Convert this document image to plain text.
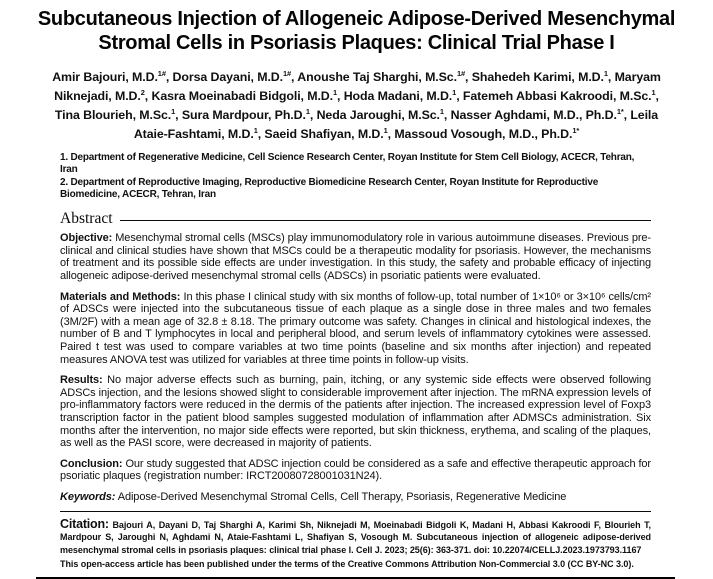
Subcutaneous Injection of Allogeneic Adipose-Derived Mesenchymal
Stromal Cells in Psoriasis Plaques: Clinical Trial Phase I

Amir Bajouri, M.D.$^{1\#}$, Dorsa Dayani, M.D.$^{1\#}$, Anoushe Taj Sharghi, M.Sc.$^{1\#}$, Shahedeh Karimi, M.D.$^1$, Maryam Niknejadi, M.D.$^2$, Kasra Moeinabadi Bidgoli, M.D.$^1$, Hoda Madani, M.D.$^1$, Fatemeh Abbasi Kakroodi, M.Sc.$^1$, Tina Blourieh, M.Sc.$^1$, Sura Mardpour, Ph.D.$^1$, Neda Jaroughi, M.Sc.$^1$, Nasser Aghdami, M.D., Ph.D.$^{1*}$, Leila Ataie-Fashtami, M.D.$^1$, Saeid Shafiyan, M.D.$^1$, Massoud Vosough, M.D., Ph.D.$^{1*}$

1. Department of Regenerative Medicine, Cell Science Research Center, Royan Institute for Stem Cell Biology, ACECR, Tehran, Iran
2. Department of Reproductive Imaging, Reproductive Biomedicine Research Center, Royan Institute for Reproductive Biomedicine, ACECR, Tehran, Iran
Abstract

Objective: Mesenchymal stromal cells (MSCs) play immunomodulatory role in various autoimmune diseases. Previous pre-clinical and clinical studies have shown that MSCs could be a therapeutic modality for psoriasis. However, the mechanisms of treatment and its possible side effects are under investigation. In this study, the safety and probable efficacy of injecting allogeneic adipose-derived mesenchymal stromal cells (ADSCs) in psoriatic patients were evaluated.

Materials and Methods: In this phase I clinical study with six months of follow-up, total number of 1×10⁶ or 3×10⁶ cells/cm² of ADSCs were injected into the subcutaneous tissue of each plaque as a single dose in three males and two females (3M/2F) with a mean age of 32.8 ± 8.18. The primary outcome was safety. Changes in clinical and histological indexes, the number of B and T lymphocytes in local and peripheral blood, and serum levels of inflammatory cytokines were assessed. Paired t test was used to compare variables at two time points (baseline and six months after injection) and repeated measures ANOVA test was utilized for variables at three time points in follow-up visits.

Results: No major adverse effects such as burning, pain, itching, or any systemic side effects were observed following ADSCs injection, and the lesions showed slight to considerable improvement after injection. The mRNA expression levels of pro-inflammatory factors were reduced in the dermis of the patients after injection. The increased expression level of Foxp3 transcription factor in the patient blood samples suggested modulation of inflammation after ADMSCs administration. Six months after the intervention, no major side effects were reported, but skin thickness, erythema, and scaling of the plaques, as well as the PASI score, were decreased in majority of patients.

Conclusion: Our study suggested that ADSC injection could be considered as a safe and effective therapeutic approach for psoriatic plaques (registration number: IRCT20080728001031N24).

Keywords: Adipose-Derived Mesenchymal Stromal Cells, Cell Therapy, Psoriasis, Regenerative Medicine

Citation: Bajouri A, Dayani D, Taj Sharghi A, Karimi Sh, Niknejadi M, Moeinabadi Bidgoli K, Madani H, Abbasi Kakroodi F, Blourieh T, Mardpour S, Jaroughi N, Aghdami N, Ataie-Fashtami L, Shafiyan S, Vosough M. Subcutaneous injection of allogeneic adipose-derived mesenchymal stromal cells in psoriasis plaques: clinical trial phase I. Cell J. 2023; 25(6): 363-371. doi: 10.22074/CELLJ.2023.1973793.1167

This open-access article has been published under the terms of the Creative Commons Attribution Non-Commercial 3.0 (CC BY-NC 3.0).
